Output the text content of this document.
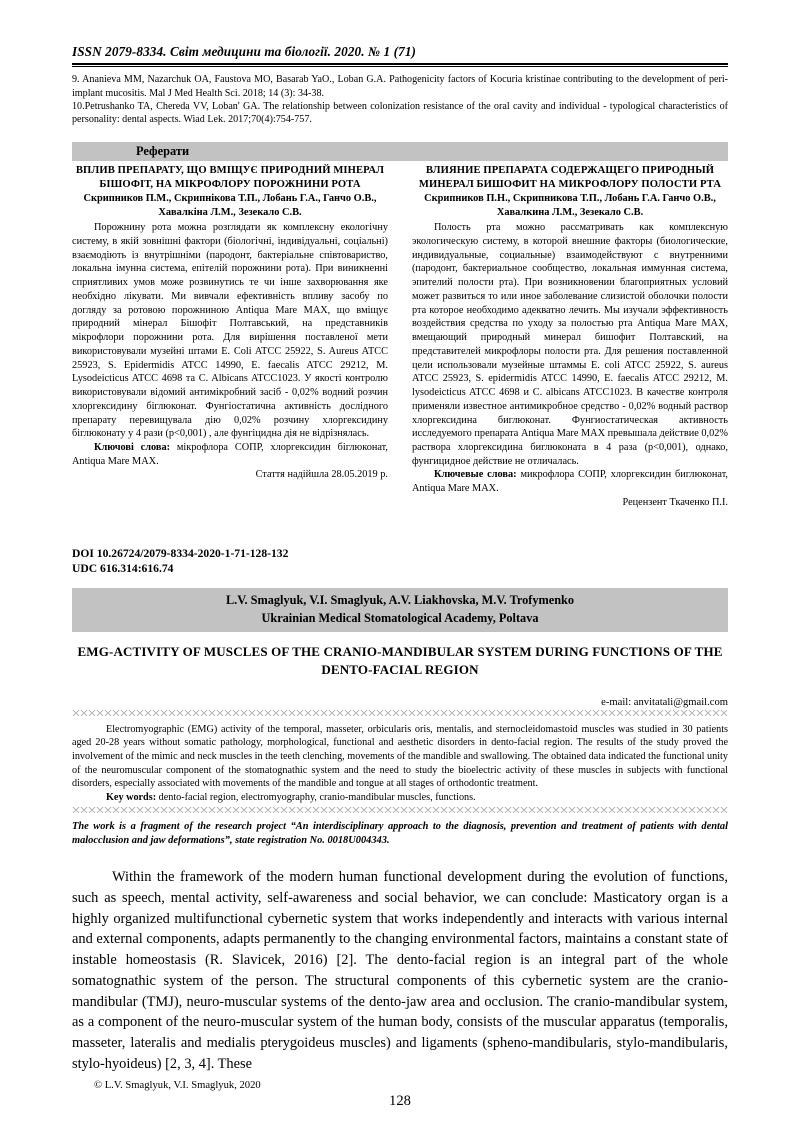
ISSN 2079-8334. Світ медицини та біології. 2020. № 1 (71)

9. Ananieva MM, Nazarchuk OA, Faustova MO, Basarab YaO., Loban G.A. Pathogenicity factors of Kocuria kristinae contributing to the development of peri-implant mucositis. Mal J Med Health Sci. 2018; 14 (3): 34-38.

10.Petrushanko TA, Chereda VV, Loban' GA. The relationship between colonization resistance of the oral cavity and individual - typological characteristics of personality: dental aspects. Wiad Lek. 2017;70(4):754-757.

Реферати
ВПЛИВ ПРЕПАРАТУ, ЩО ВМІЩУЄ ПРИРОДНИЙ МІНЕРАЛ БІШОФІТ, НА МІКРОФЛОРУ ПОРОЖНИНИ РОТА
Скрипников П.М., Скрипнікова Т.П., Лобань Г.А., Ганчо О.В., Хавалкіна Л.М., Зезекало С.В.

Порожнину рота можна розглядати як комплексну екологічну систему, в якій зовнішні фактори (біологічні, індивідуальні, соціальні) взаємодіють із внутрішніми (пародонт, бактеріальне співтовариство, локальна імунна система, епітелій порожнини рота). При виникненні сприятливих умов може розвинутись те чи інше захворювання яке необхідно лікувати. Ми вивчали ефективність впливу засобу по догляду за ротовою порожниною Antiqua Mare MAX, що вміщує природний мінерал Бішофіт Полтавський, на представників мікрофлори порожнини рота. Для вирішення поставленої мети використовували музейні штами E. Coli ATCC 25922, S. Aureus ATCC 25923, S. Epidermidis ATCC 14990, E. faecalis ATCC 29212, M. Lysodeicticus ATCC 4698 та C. Albicans ATCC1023. У якості контролю використовували відомий антимікробний засіб - 0,02% водний розчин хлоргексидину біглюконат. Фунгіостатична активність дослідного препарату перевищувала дію 0,02% розчину хлоргексидину біглюконату у 4 рази (р<0,001) , але фунгіцидна дія не відрізнялась.

Ключові слова: мікрофлора СОПР, хлоргексидин біглюконат, Antiqua Mare MAX.

Стаття надійшла 28.05.2019 р.

ВЛИЯНИЕ ПРЕПАРАТА СОДЕРЖАЩЕГО ПРИРОДНЫЙ МИНЕРАЛ БИШОФИТ НА МИКРОФЛОРУ ПОЛОСТИ РТА
Скрипников П.Н., Скрипникова Т.П., Лобань Г.А. Ганчо О.В., Хавалкина Л.М., Зезекало С.В.

Полость рта можно рассматривать как комплексную экологическую систему, в которой внешние факторы (биологические, индивидуальные, социальные) взаимодействуют с внутренними (пародонт, бактериальное сообщество, локальная иммунная система, эпителий полости рта). При возникновении благоприятных условий может развиться то или иное заболевание слизистой оболочки полости рта которое необходимо адекватно лечить. Мы изучали эффективность воздействия средства по уходу за полостью рта Antiqua Mare MAX, вмещающий природный минерал бишофит Полтавский, на представителей микрофлоры полости рта. Для решения поставленной цели использовали музейные штаммы E. coli ATCC 25922, S. aureus ATCC 25923, S. epidermidis ATCC 14990, E. faecalis ATCC 29212, M. lysodeicticus ATCC 4698 и C. albicans ATCC1023. В качестве контроля применяли известное антимикробное средство - 0,02% водный раствор хлоргексидина биглюконат. Фунгиостатическая активность исследуемого препарата Antiqua Mare MAX превышала действие 0,02% раствора хлоргексидина биглюконата в 4 раза (р<0,001), однако, фунгицидное действие не отличалась.

Ключевые слова: микрофлора СОПР, хлоргексидин биглюконат, Antiqua Mare MAX.

Рецензент Ткаченко П.І.

DOI 10.26724/2079-8334-2020-1-71-128-132
UDC 616.314:616.74
L.V. Smaglyuk, V.I. Smaglyuk, A.V. Liakhovska, M.V. Trofymenko
Ukrainian Medical Stomatological Academy, Poltava
EMG-ACTIVITY OF MUSCLES OF THE CRANIO-MANDIBULAR SYSTEM DURING FUNCTIONS OF THE DENTO-FACIAL REGION
e-mail: anvitatali@gmail.com

Electromyographic (EMG) activity of the temporal, masseter, orbicularis oris, mentalis, and sternocleidomastoid muscles was studied in 30 patients aged 20-28 years without somatic pathology, morphological, functional and aesthetic disorders in dento-facial region. The results of the study proved the involvement of the mimic and neck muscles in the teeth clenching, movements of the mandible and swallowing. The obtained data indicated the functional unity of the neuromuscular component of the stomatognathic system and the need to study the bioelectric activity of these muscles in subjects with functional disorders, especially associated with movements of the mandible and tongue at all stages of orthodontic treatment.

Key words: dento-facial region, electromyography, cranio-mandibular muscles, functions.

The work is a fragment of the research project “An interdisciplinary approach to the diagnosis, prevention and treatment of patients with dental malocclusion and jaw deformations”, state registration No. 0018U004343.

Within the framework of the modern human functional development during the evolution of functions, such as speech, mental activity, self-awareness and social behavior, we can conclude: Masticatory organ is a highly organized multifunctional cybernetic system that works independently and interacts with various internal and external components, adapts permanently to the changing environmental factors, maintains a constant state of instable homeostasis (R. Slavicek, 2016) [2]. The dento-facial region is an integral part of the whole somatognathic system of the person. The structural components of this cybernetic system are the cranio-mandibular (TMJ), neuro-muscular systems of the dento-jaw area and occlusion. The cranio-mandibular system, as a component of the neuro-muscular system of the human body, consists of the muscular apparatus (temporalis, masseter, lateralis and medialis pterygoideus muscles) and ligaments (spheno-mandibularis, stylo-mandibularis, stylo-hyoideus) [2, 3, 4]. These

© L.V. Smaglyuk, V.I. Smaglyuk, 2020
128
